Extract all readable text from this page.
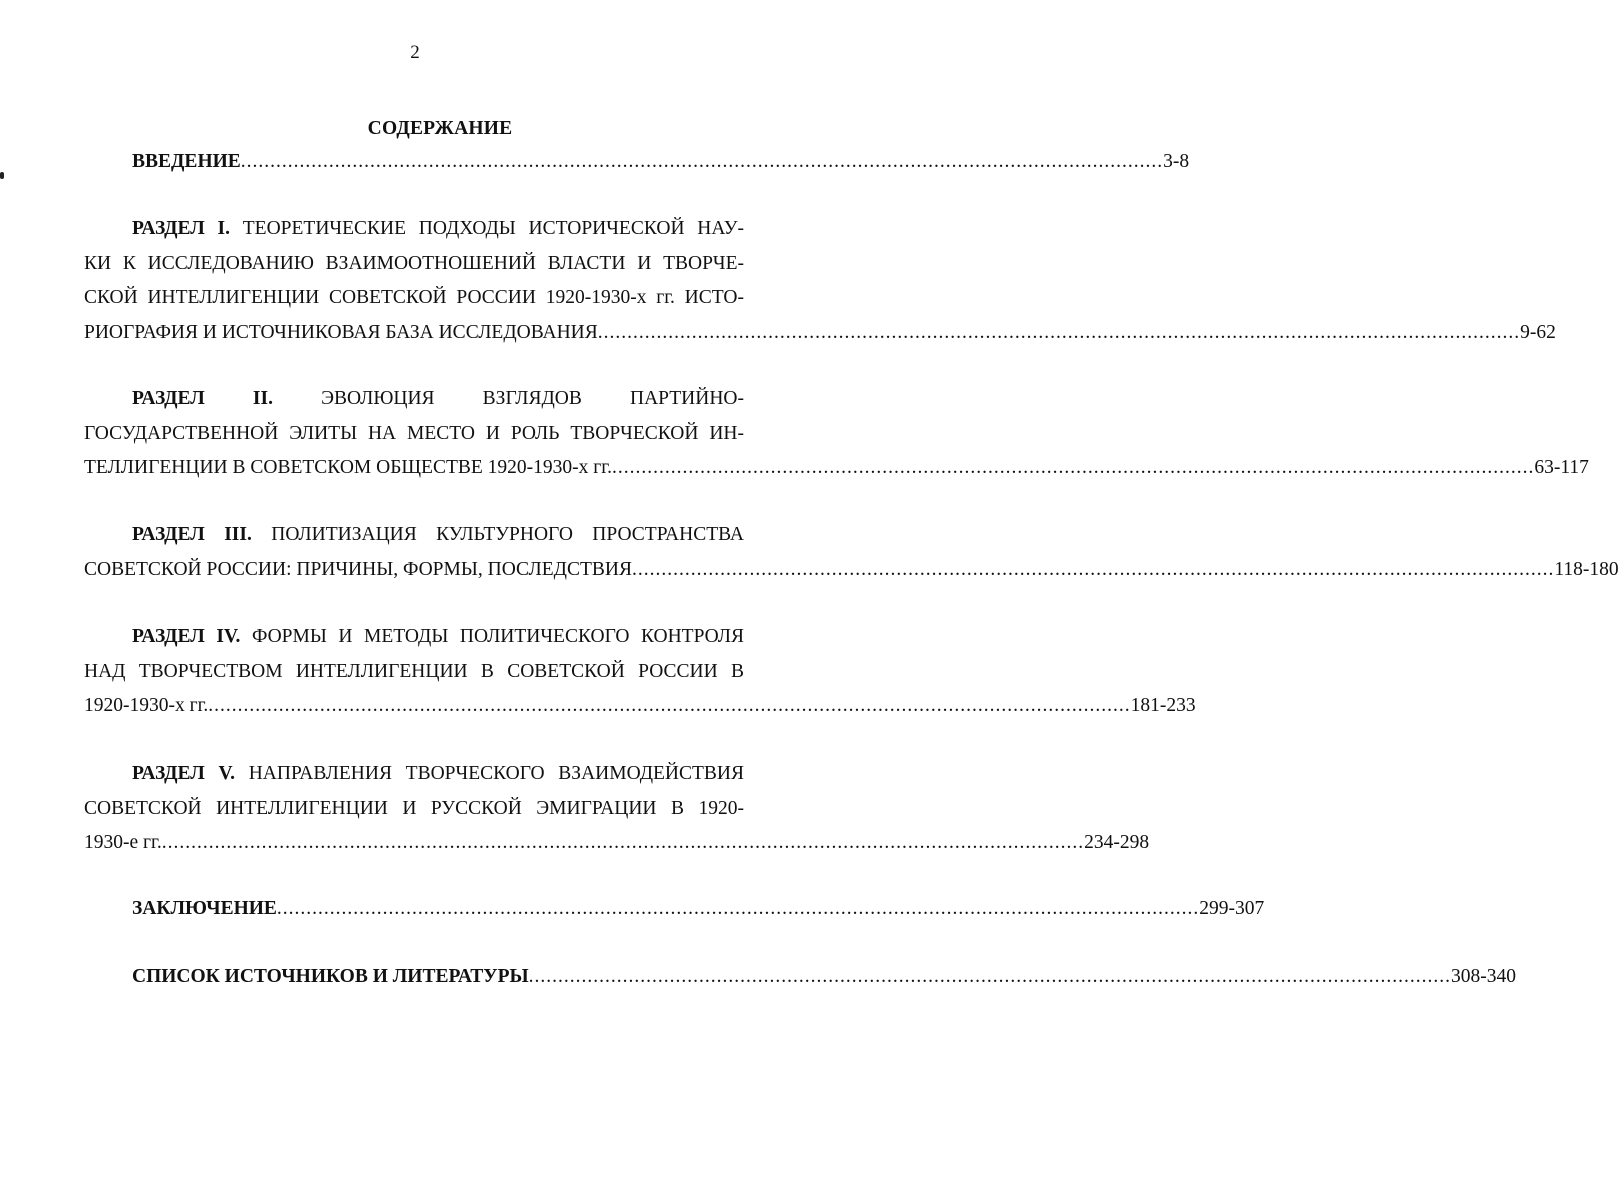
2
СОДЕРЖАНИЕ
ВВЕДЕНИЕ ............................................................................................................................................................. 3-8
РАЗДЕЛ I. ТЕОРЕТИЧЕСКИЕ ПОДХОДЫ ИСТОРИЧЕСКОЙ НАУ-
КИ К ИССЛЕДОВАНИЮ ВЗАИМООТНОШЕНИЙ ВЛАСТИ И ТВОРЧЕ-
СКОЙ ИНТЕЛЛИГЕНЦИИ СОВЕТСКОЙ РОССИИ 1920-1930-х гг. ИСТО-
РИОГРАФИЯ И ИСТОЧНИКОВАЯ БАЗА ИССЛЕДОВАНИЯ ............................................................................................................................................................. 9-62
РАЗДЕЛ II. ЭВОЛЮЦИЯ ВЗГЛЯДОВ ПАРТИЙНО-
ГОСУДАРСТВЕННОЙ ЭЛИТЫ НА МЕСТО И РОЛЬ ТВОРЧЕСКОЙ ИН-
ТЕЛЛИГЕНЦИИ В СОВЕТСКОМ ОБЩЕСТВЕ 1920-1930-х гг. ............................................................................................................................................................. 63-117
РАЗДЕЛ III. ПОЛИТИЗАЦИЯ КУЛЬТУРНОГО ПРОСТРАНСТВА
СОВЕТСКОЙ РОССИИ: ПРИЧИНЫ, ФОРМЫ, ПОСЛЕДСТВИЯ ............................................................................................................................................................. 118-180
РАЗДЕЛ IV. ФОРМЫ И МЕТОДЫ ПОЛИТИЧЕСКОГО КОНТРОЛЯ
НАД ТВОРЧЕСТВОМ ИНТЕЛЛИГЕНЦИИ В СОВЕТСКОЙ РОССИИ В
1920-1930-х гг. ............................................................................................................................................................. 181-233
РАЗДЕЛ V. НАПРАВЛЕНИЯ ТВОРЧЕСКОГО ВЗАИМОДЕЙСТВИЯ
СОВЕТСКОЙ ИНТЕЛЛИГЕНЦИИ И РУССКОЙ ЭМИГРАЦИИ В 1920-
1930-е гг. ............................................................................................................................................................. 234-298
ЗАКЛЮЧЕНИЕ ............................................................................................................................................................. 299-307
СПИСОК ИСТОЧНИКОВ И ЛИТЕРАТУРЫ ............................................................................................................................................................. 308-340
